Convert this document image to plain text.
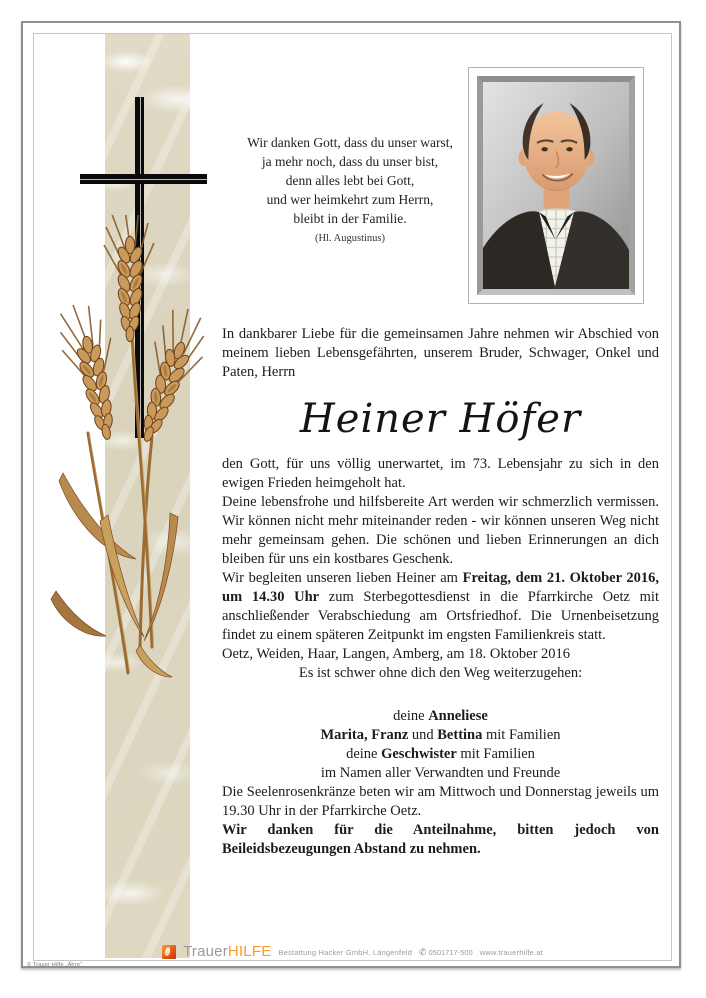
Wir danken Gott, dass du unser warst,
ja mehr noch, dass du unser bist,
denn alles lebt bei Gott,
und wer heimkehrt zum Herrn,
bleibt in der Familie.
(Hl. Augustinus)

In dankbarer Liebe für die gemeinsamen Jahre nehmen wir Abschied von meinem lieben Lebensgefährten, unserem Bruder, Schwager, Onkel und Paten, Herrn

Heiner Höfer

den Gott, für uns völlig unerwartet, im 73. Lebensjahr zu sich in den ewigen Frieden heimgeholt hat.

Deine lebensfrohe und hilfsbereite Art werden wir schmerzlich vermissen. Wir können nicht mehr miteinander reden - wir können unseren Weg nicht mehr gemeinsam gehen. Die schönen und lieben Erinnerungen an dich bleiben für uns ein kostbares Geschenk.

Wir begleiten unseren lieben Heiner am Freitag, dem 21. Oktober 2016, um 14.30 Uhr zum Sterbegottesdienst in die Pfarrkirche Oetz mit anschließender Verabschiedung am Ortsfriedhof. Die Urnenbeisetzung findet zu einem späteren Zeitpunkt im engsten Familienkreis statt.

Oetz, Weiden, Haar, Langen, Amberg, am 18. Oktober 2016

Es ist schwer ohne dich den Weg weiterzugehen:

deine Anneliese
Marita, Franz und Bettina mit Familien
deine Geschwister mit Familien
im Namen aller Verwandten und Freunde

Die Seelenrosenkränze beten wir am Mittwoch und Donnerstag jeweils um 19.30 Uhr in der Pfarrkirche Oetz.

Wir danken für die Anteilnahme, bitten jedoch von Beileidsbezeugungen Abstand zu nehmen.

TrauerHILFE Bestattung Hacker GmbH, Längenfeld ✆ 0501717-500 www.trauerhilfe.at
© Trauer Hilfe „Ähre“
